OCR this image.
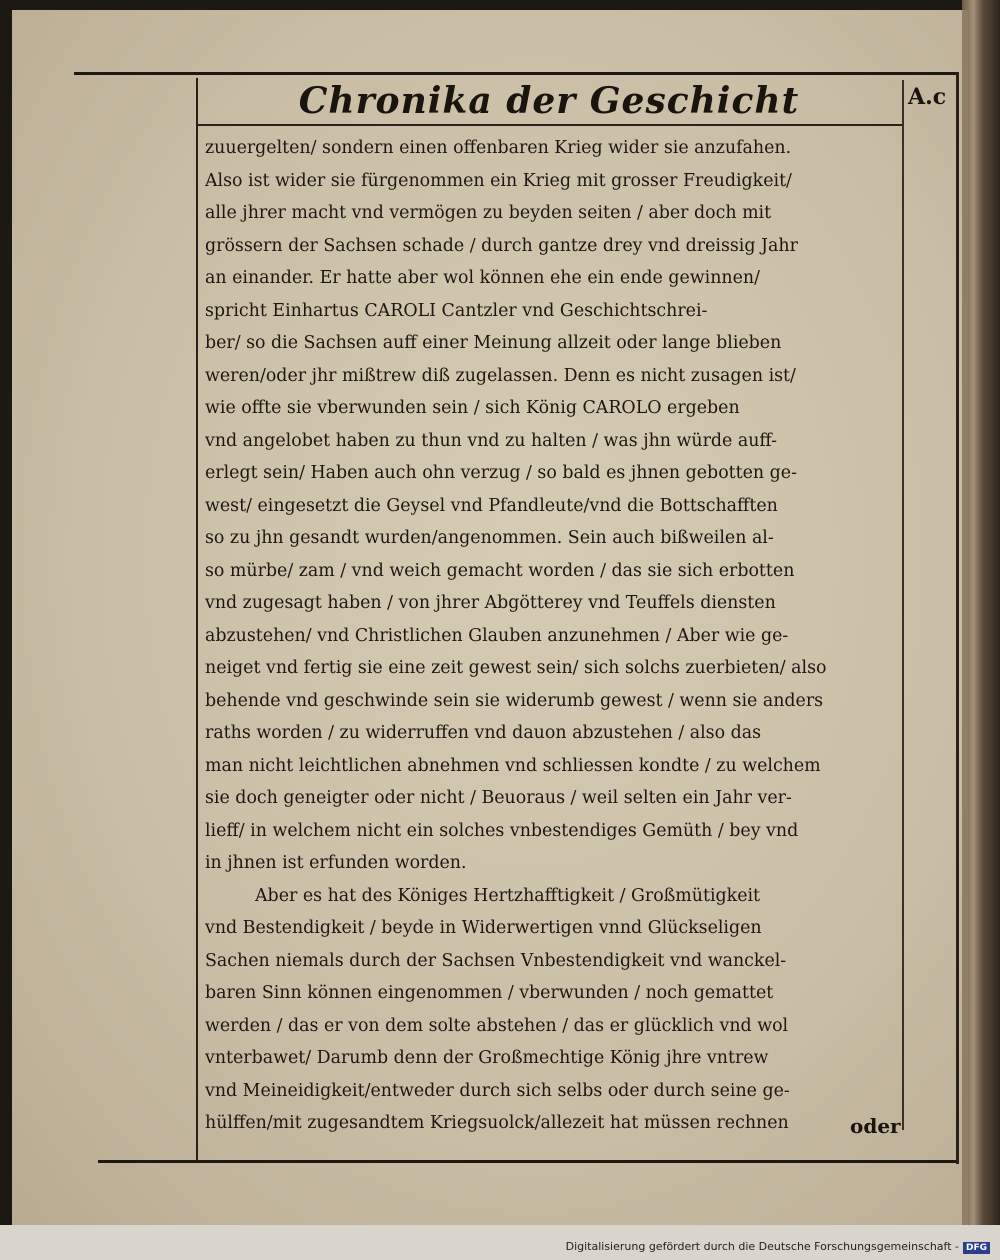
Chronika der Geschicht	A.c
zuuergelten/ sondern einen offenbaren Krieg wider sie anzufahen.
Also ist wider sie fürgenommen ein Krieg mit grosser Freudigkeit/
alle jhrer macht vnd vermögen zu beyden seiten / aber doch mit
grössern der Sachsen schade / durch gantze drey vnd dreissig Jahr
an einander. Er hatte aber wol können ehe ein ende gewinnen/
spricht Einhartus CAROLI Cantzler vnd Geschichtschrei-
ber/ so die Sachsen auff einer Meinung allzeit oder lange blieben
weren/oder jhr mißtrew diß zugelassen. Denn es nicht zusagen ist/
wie offte sie vberwunden sein / sich König CAROLO ergeben
vnd angelobet haben zu thun vnd zu halten / was jhn würde auff-
erlegt sein/ Haben auch ohn verzug / so bald es jhnen gebotten ge-
west/ eingesetzt die Geysel vnd Pfandleute/vnd die Bottschafften
so zu jhn gesandt wurden/angenommen. Sein auch bißweilen al-
so mürbe/ zam / vnd weich gemacht worden / das sie sich erbotten
vnd zugesagt haben / von jhrer Abgötterey vnd Teuffels diensten
abzustehen/ vnd Christlichen Glauben anzunehmen / Aber wie ge-
neiget vnd fertig sie eine zeit gewest sein/ sich solchs zuerbieten/ also
behende vnd geschwinde sein sie widerumb gewest / wenn sie anders
raths worden / zu widerruffen vnd dauon abzustehen / also das
man nicht leichtlichen abnehmen vnd schliessen kondte / zu welchem
sie doch geneigter oder nicht / Beuoraus / weil selten ein Jahr ver-
lieff/ in welchem nicht ein solches vnbestendiges Gemüth / bey vnd
in jhnen ist erfunden worden.
Aber es hat des Königes Hertzhafftigkeit / Großmütigkeit
vnd Bestendigkeit / beyde in Widerwertigen vnnd Glückseligen
Sachen niemals durch der Sachsen Vnbestendigkeit vnd wanckel-
baren Sinn können eingenommen / vberwunden / noch gemattet
werden / das er von dem solte abstehen / das er glücklich vnd wol
vnterbawet/ Darumb denn der Großmechtige König jhre vntrew
vnd Meineidigkeit/entweder durch sich selbs oder durch seine ge-
hülffen/mit zugesandtem Kriegsuolck/allezeit hat müssen rechnen	oder
Digitalisierung gefördert durch die Deutsche Forschungsgemeinschaft - DFG
